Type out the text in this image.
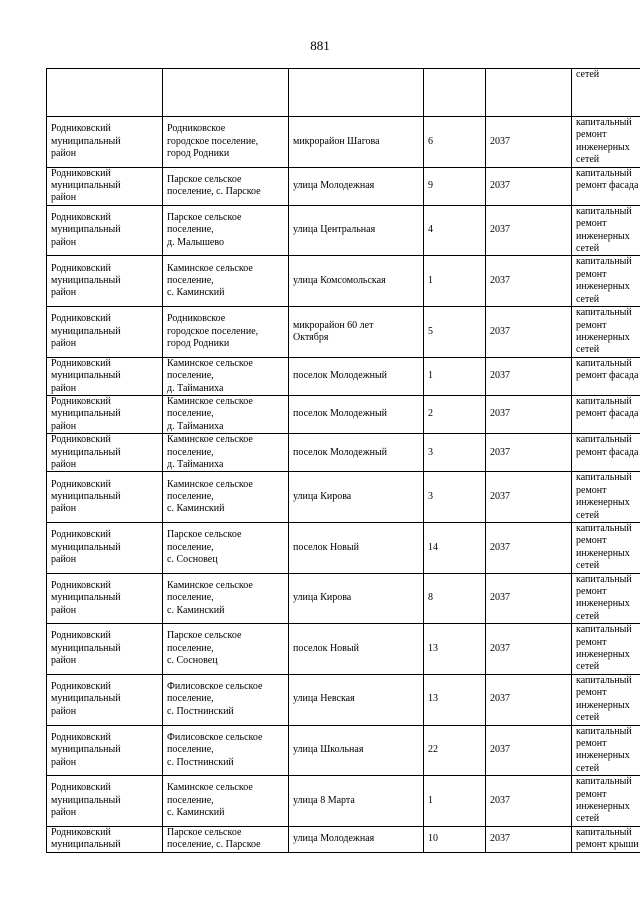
881
					сетей
Родниковский
муниципальный
район	Родниковское
городское поселение,
город Родники	микрорайон Шагова	6	2037	капитальный
ремонт
инженерных
сетей
Родниковский
муниципальный
район	Парское сельское
поселение, с. Парское	улица Молодежная	9	2037	капитальный
ремонт фасада
Родниковский
муниципальный
район	Парское сельское
поселение,
д. Малышево	улица Центральная	4	2037	капитальный
ремонт
инженерных
сетей
Родниковский
муниципальный
район	Каминское сельское
поселение,
с. Каминский	улица Комсомольская	1	2037	капитальный
ремонт
инженерных
сетей
Родниковский
муниципальный
район	Родниковское
городское поселение,
город Родники	микрорайон 60 лет
Октября	5	2037	капитальный
ремонт
инженерных
сетей
Родниковский
муниципальный
район	Каминское сельское
поселение,
д. Тайманиха	поселок Молодежный	1	2037	капитальный
ремонт фасада
Родниковский
муниципальный
район	Каминское сельское
поселение,
д. Тайманиха	поселок Молодежный	2	2037	капитальный
ремонт фасада
Родниковский
муниципальный
район	Каминское сельское
поселение,
д. Тайманиха	поселок Молодежный	3	2037	капитальный
ремонт фасада
Родниковский
муниципальный
район	Каминское сельское
поселение,
с. Каминский	улица Кирова	3	2037	капитальный
ремонт
инженерных
сетей
Родниковский
муниципальный
район	Парское сельское
поселение,
с. Сосновец	поселок Новый	14	2037	капитальный
ремонт
инженерных
сетей
Родниковский
муниципальный
район	Каминское сельское
поселение,
с. Каминский	улица Кирова	8	2037	капитальный
ремонт
инженерных
сетей
Родниковский
муниципальный
район	Парское сельское
поселение,
с. Сосновец	поселок Новый	13	2037	капитальный
ремонт
инженерных
сетей
Родниковский
муниципальный
район	Филисовское сельское
поселение,
с. Постнинский	улица Невская	13	2037	капитальный
ремонт
инженерных
сетей
Родниковский
муниципальный
район	Филисовское сельское
поселение,
с. Постнинский	улица Школьная	22	2037	капитальный
ремонт
инженерных
сетей
Родниковский
муниципальный
район	Каминское сельское
поселение,
с. Каминский	улица 8 Марта	1	2037	капитальный
ремонт
инженерных
сетей
Родниковский
муниципальный	Парское сельское
поселение, с. Парское	улица Молодежная	10	2037	капитальный
ремонт крыши
